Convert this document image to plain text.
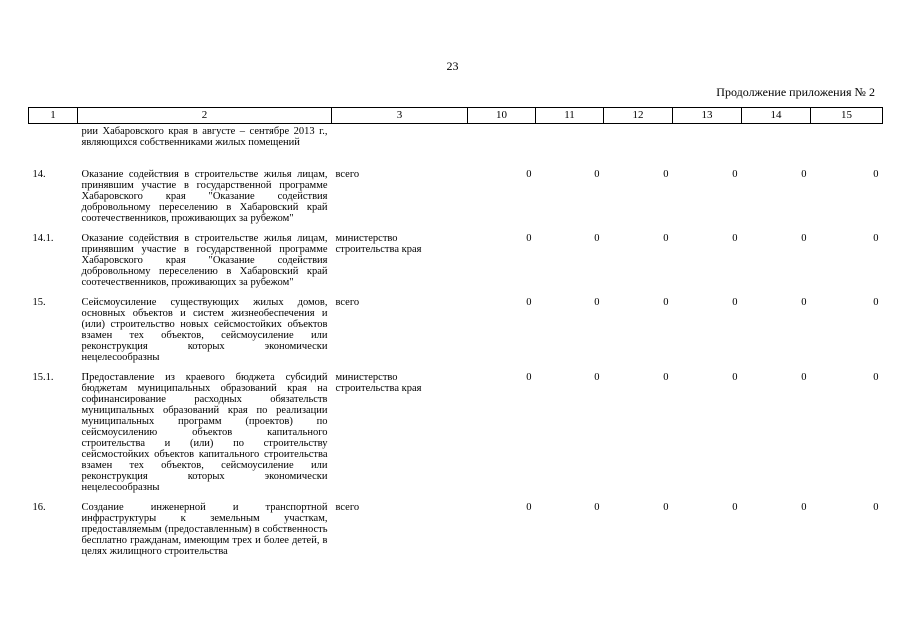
23
Продолжение приложения № 2
1	2	3	10	11	12	13	14	15
	рии Хабаровского края в августе – сентябре 2013 г., являющихся собственниками жилых помещений							
14.	Оказание содействия в строительстве жилья лицам, принявшим участие в государственной программе Хабаровского края "Оказание содействия добровольному переселению в Хабаровский край соотечественников, проживающих за рубежом"	всего	0	0	0	0	0	0
14.1.	Оказание содействия в строительстве жилья лицам, принявшим участие в государственной программе Хабаровского края "Оказание содействия добровольному переселению в Хабаровский край соотечественников, проживающих за рубежом"	министерство строительства края	0	0	0	0	0	0
15.	Сейсмоусиление существующих жилых домов, основных объектов и систем жизнеобеспечения и (или) строительство новых сейсмостойких объектов взамен тех объектов, сейсмоусиление или реконструкция которых экономически нецелесообразны	всего	0	0	0	0	0	0
15.1.	Предоставление из краевого бюджета субсидий бюджетам муниципальных образований края на софинансирование расходных обязательств муниципальных образований края по реализации муниципальных программ (проектов) по сейсмоусилению объектов капитального строительства и (или) по строительству сейсмостойких объектов капитального строительства взамен тех объектов, сейсмоусиление или реконструкция которых экономически нецелесообразны	министерство строительства края	0	0	0	0	0	0
16.	Создание инженерной и транспортной инфраструктуры к земельным участкам, предоставляемым (предоставленным) в собственность бесплатно гражданам, имеющим трех и более детей, в целях жилищного строительства	всего	0	0	0	0	0	0
